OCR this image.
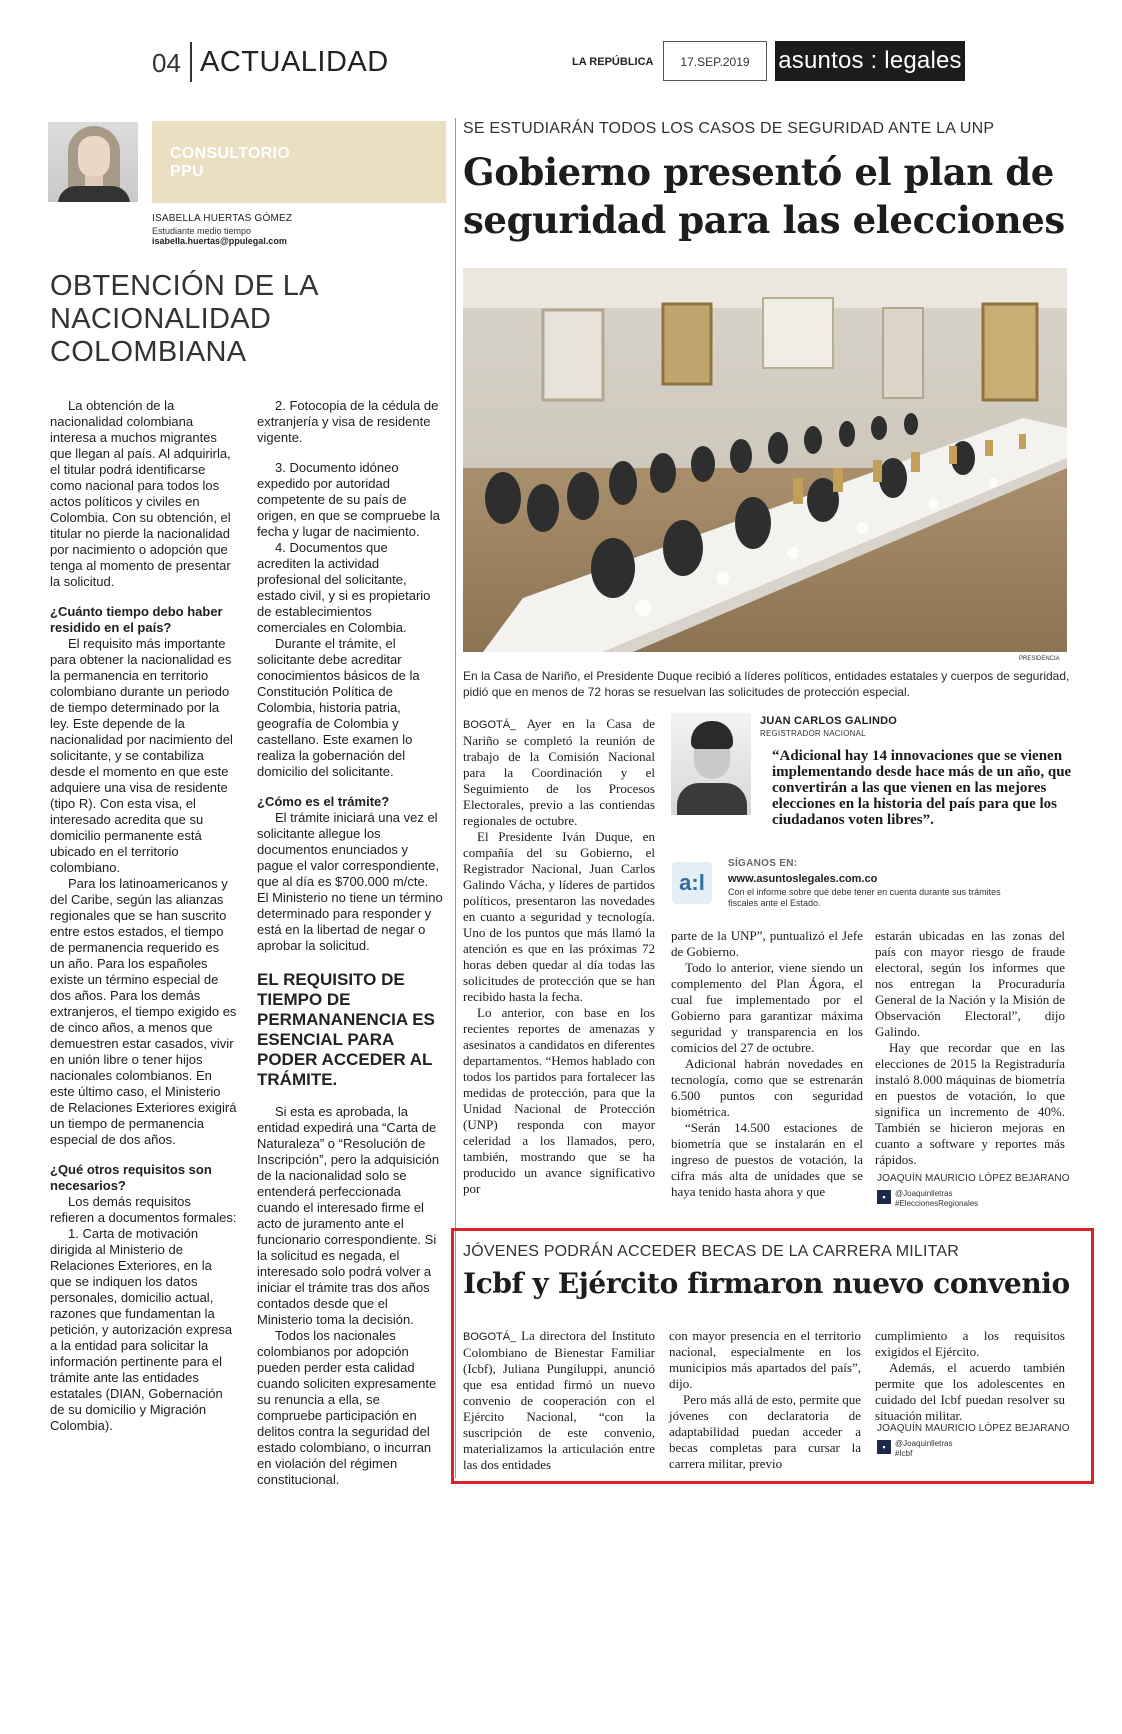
04 ACTUALIDAD	LA REPÚBLICA	17.SEP.2019	asuntos : legales
CONSULTORIO
PPU
ISABELLA HUERTAS GÓMEZ
Estudiante medio tiempo
isabella.huertas@ppulegal.com
OBTENCIÓN DE LA
NACIONALIDAD
COLOMBIANA

La obtención de la nacionalidad colombiana interesa a muchos migrantes que llegan al país. Al adquirirla, el titular podrá identificarse como nacional para todos los actos políticos y civiles en Colombia. Con su obtención, el titular no pierde la nacionalidad por nacimiento o adopción que tenga al momento de presentar la solicitud.

¿Cuánto tiempo debo haber residido en el país?

El requisito más importante para obtener la nacionalidad es la permanencia en territorio colombiano durante un periodo de tiempo determinado por la ley. Este depende de la nacionalidad por nacimiento del solicitante, y se contabiliza desde el momento en que este adquiere una visa de residente (tipo R). Con esta visa, el interesado acredita que su domicilio permanente está ubicado en el territorio colombiano.

Para los latinoamericanos y del Caribe, según las alianzas regionales que se han suscrito entre estos estados, el tiempo de permanencia requerido es un año. Para los españoles existe un término especial de dos años. Para los demás extranjeros, el tiempo exigido es de cinco años, a menos que demuestren estar casados, vivir en unión libre o tener hijos nacionales colombianos. En este último caso, el Ministerio de Relaciones Exteriores exigirá un tiempo de permanencia especial de dos años.

¿Qué otros requisitos son necesarios?

Los demás requisitos refieren a documentos formales:

1. Carta de motivación dirigida al Ministerio de Relaciones Exteriores, en la que se indiquen los datos personales, domicilio actual, razones que fundamentan la petición, y autorización expresa a la entidad para solicitar la información pertinente para el trámite ante las entidades estatales (DIAN, Gobernación de su domicilio y Migración Colombia).

2. Fotocopia de la cédula de extranjería y visa de residente vigente.

3. Documento idóneo expedido por autoridad competente de su país de origen, en que se compruebe la fecha y lugar de nacimiento.

4. Documentos que acrediten la actividad profesional del solicitante, estado civil, y si es propietario de establecimientos comerciales en Colombia.

Durante el trámite, el solicitante debe acreditar conocimientos básicos de la Constitución Política de Colombia, historia patria, geografía de Colombia y castellano. Este examen lo realiza la gobernación del domicilio del solicitante.

¿Cómo es el trámite?

El trámite iniciará una vez el solicitante allegue los documentos enunciados y pague el valor correspondiente, que al día es $700.000 m/cte. El Ministerio no tiene un término determinado para responder y está en la libertad de negar o aprobar la solicitud.

EL REQUISITO DE TIEMPO DE PERMANANENCIA ES ESENCIAL PARA PODER ACCEDER AL TRÁMITE.

Si esta es aprobada, la entidad expedirá una “Carta de Naturaleza” o “Resolución de Inscripción”, pero la adquisición de la nacionalidad solo se entenderá perfeccionada cuando el interesado firme el acto de juramento ante el funcionario correspondiente. Si la solicitud es negada, el interesado solo podrá volver a iniciar el trámite tras dos años contados desde que el Ministerio toma la decisión.

Todos los nacionales colombianos por adopción pueden perder esta calidad cuando soliciten expresamente su renuncia a ella, se compruebe participación en delitos contra la seguridad del estado colombiano, o incurran en violación del régimen constitucional.

SE ESTUDIARÁN TODOS LOS CASOS DE SEGURIDAD ANTE LA UNP
Gobierno presentó el plan de
seguridad para las elecciones
PRESIDENCIA
En la Casa de Nariño, el Presidente Duque recibió a líderes políticos, entidades estatales y cuerpos de seguridad, pidió que en menos de 72 horas se resuelvan las solicitudes de protección especial.

BOGOTÁ_ Ayer en la Casa de Nariño se completó la reunión de trabajo de la Comisión Nacional para la Coordinación y el Seguimiento de los Procesos Electorales, previo a las contiendas regionales de octubre.

El Presidente Iván Duque, en compañía del su Gobierno, el Registrador Nacional, Juan Carlos Galindo Vácha, y líderes de partidos políticos, presentaron las novedades en cuanto a seguridad y tecnología. Uno de los puntos que más llamó la atención es que en las próximas 72 horas deben quedar al día todas las solicitudes de protección que se han recibido hasta la fecha.

Lo anterior, con base en los recientes reportes de amenazas y asesinatos a candidatos en diferentes departamentos. “Hemos hablado con todos los partidos para fortalecer las medidas de protección, para que la Unidad Nacional de Protección (UNP) responda con mayor celeridad a los llamados, pero, también, mostrando que se ha producido un avance significativo por

JUAN CARLOS GALINDO
REGISTRADOR NACIONAL
“Adicional hay 14 innovaciones que se vienen implementando desde hace más de un año, que convertirán a las que vienen en las mejores elecciones en la historia del país para que los ciudadanos voten libres”.
a:l
SÍGANOS EN:
www.asuntoslegales.com.co
Con el informe sobre qué debe tener en cuenta durante sus trámites fiscales ante el Estado.

parte de la UNP”, puntualizó el Jefe de Gobierno.

Todo lo anterior, viene siendo un complemento del Plan Ágora, el cual fue implementado por el Gobierno para garantizar máxima seguridad y transparencia en los comicios del 27 de octubre.

Adicional habrán novedades en tecnología, como que se estrenarán 6.500 puntos con seguridad biométrica.

“Serán 14.500 estaciones de biometría que se instalarán en el ingreso de puestos de votación, la cifra más alta de unidades que se haya tenido hasta ahora y que

estarán ubicadas en las zonas del país con mayor riesgo de fraude electoral, según los informes que nos entregan la Procuraduría General de la Nación y la Misión de Observación Electoral”, dijo Galindo.

Hay que recordar que en las elecciones de 2015 la Registraduría instaló 8.000 máquinas de biometría en puestos de votación, lo que significa un incremento de 40%. También se hicieron mejoras en cuanto a software y reportes más rápidos.

JOAQUÍN MAURICIO LÓPEZ BEJARANO
▪	@Joaquinlletras
#EleccionesRegionales
JÓVENES PODRÁN ACCEDER BECAS DE LA CARRERA MILITAR
Icbf y Ejército firmaron nuevo convenio

BOGOTÁ_ La directora del Instituto Colombiano de Bienestar Familiar (Icbf), Juliana Pungiluppi, anunció que esa entidad firmó un nuevo convenio de cooperación con el Ejército Nacional, “con la suscripción de este convenio, materializamos la articulación entre las dos entidades

con mayor presencia en el territorio nacional, especialmente en los municipios más apartados del país”, dijo.

Pero más allá de esto, permite que jóvenes con declaratoria de adaptabilidad puedan acceder a becas completas para cursar la carrera militar, previo

cumplimiento a los requisitos exigidos el Ejército.

Además, el acuerdo también permite que los adolescentes en cuidado del Icbf puedan resolver su situación militar.

JOAQUÍN MAURICIO LÓPEZ BEJARANO
▪	@Joaquinlletras
#Icbf
